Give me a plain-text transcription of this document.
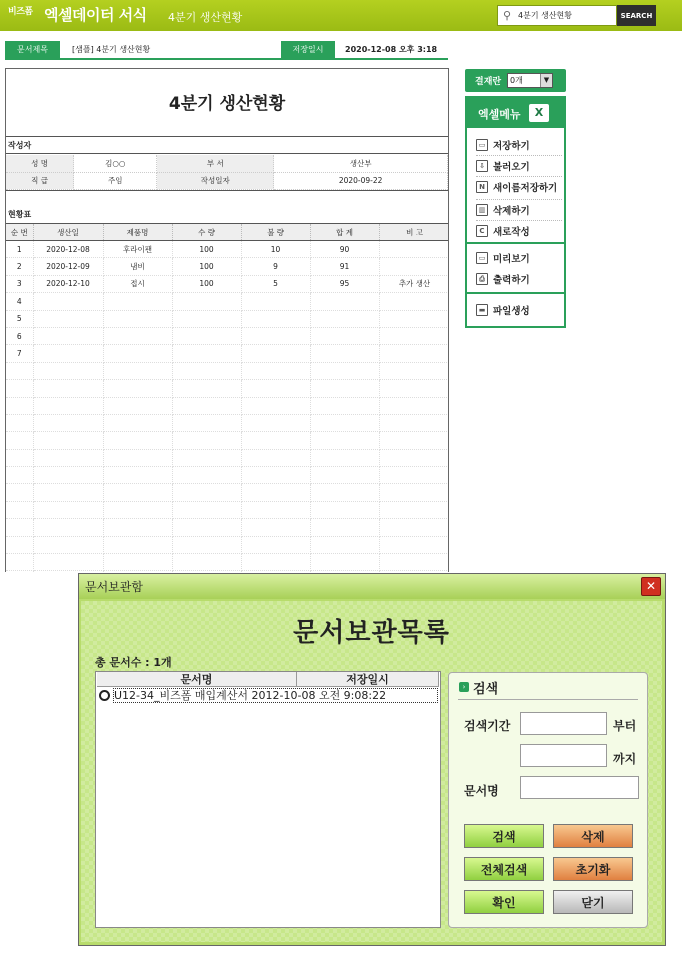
비즈폼 엑셀데이터 서식 4분기 생산현황	⚲
4분기 생산현황	SEARCH
문서제목	[샘플] 4분기 생산현황	저장일시	2020-12-08 오후 3:18
4분기 생산현황
작성자
성 명	김○○	부 서	생산부
직 급	주임	작성일자	2020-09-22
현황표
순 번	생산일	제품명	수 량	불 량	합 계	비 고
1	2020-12-08	후라이팬	100	10	90	
2	2020-12-09	냄비	100	9	91	
3	2020-12-10	접시	100	5	95	추가 생산
4						
5						
6						
7						

결재란	0개	▼
엑셀메뉴	X
▭ 저장하기
⇩ 불러오기
N 새이름저장하기
▥ 삭제하기
C 새로작성
▭ 미리보기
⎙ 출력하기
▬ 파일생성
문서보관함	✕
문서보관목록
총 문서수 : 1개
문서명	저장일시
U12-34_비즈폼 매입계산서 2012-10-08 오전 9:08:22
› 검색
검색기간	부터
까지
문서명
검색	삭제
전체검색	초기화
확인	닫기
